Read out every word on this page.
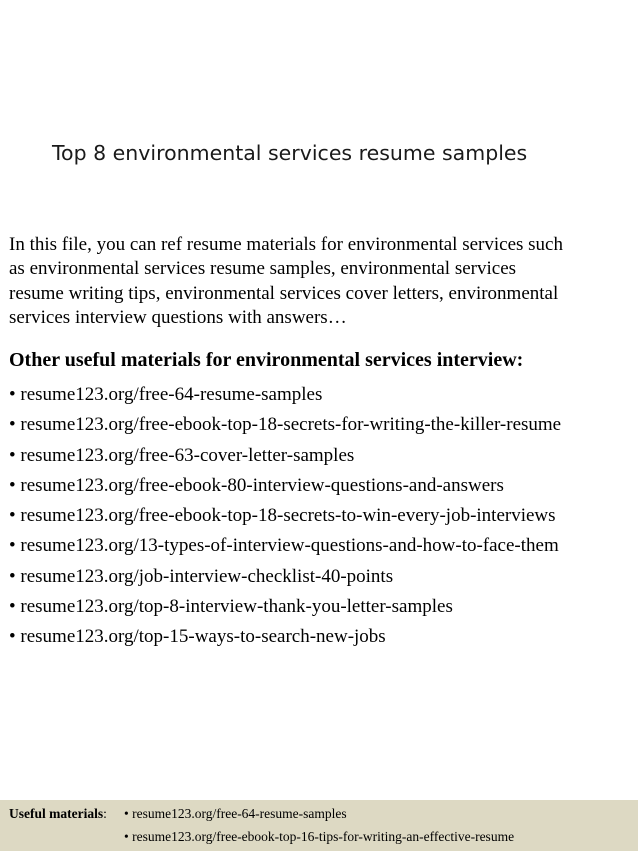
Top 8 environmental services resume samples
In this file, you can ref resume materials for environmental services such
as environmental services resume samples, environmental services
resume writing tips, environmental services cover letters, environmental
services interview questions with answers…
Other useful materials for environmental services interview:
• resume123.org/free-64-resume-samples
• resume123.org/free-ebook-top-18-secrets-for-writing-the-killer-resume
• resume123.org/free-63-cover-letter-samples
• resume123.org/free-ebook-80-interview-questions-and-answers
• resume123.org/free-ebook-top-18-secrets-to-win-every-job-interviews
• resume123.org/13-types-of-interview-questions-and-how-to-face-them
• resume123.org/job-interview-checklist-40-points
• resume123.org/top-8-interview-thank-you-letter-samples
• resume123.org/top-15-ways-to-search-new-jobs
Useful materials: • resume123.org/free-64-resume-samples
• resume123.org/free-ebook-top-16-tips-for-writing-an-effective-resume
